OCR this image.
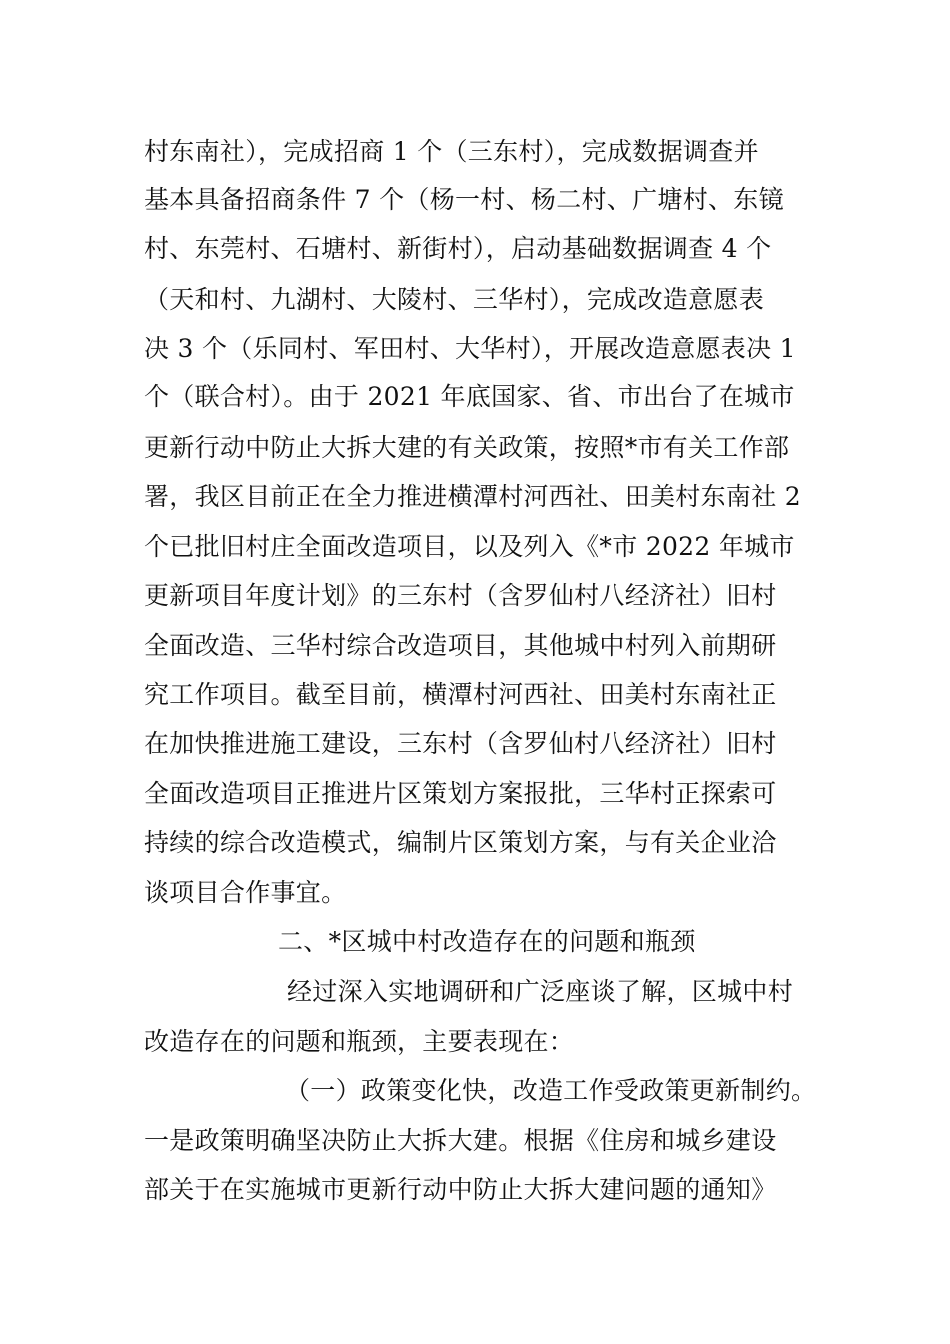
村东南社），完成招商 1 个（三东村），完成数据调查并
基本具备招商条件 7 个（杨一村、杨二村、广塘村、东镜
村、东莞村、石塘村、新街村），启动基础数据调查 4 个
（天和村、九湖村、大陵村、三华村），完成改造意愿表
决 3 个（乐同村、军田村、大华村），开展改造意愿表决 1
个（联合村）。由于 2021 年底国家、省、市出台了在城市
更新行动中防止大拆大建的有关政策，按照*市有关工作部
署，我区目前正在全力推进横潭村河西社、田美村东南社 2
个已批旧村庄全面改造项目，以及列入《*市 2022 年城市
更新项目年度计划》的三东村（含罗仙村八经济社）旧村
全面改造、三华村综合改造项目，其他城中村列入前期研
究工作项目。截至目前，横潭村河西社、田美村东南社正
在加快推进施工建设，三东村（含罗仙村八经济社）旧村
全面改造项目正推进片区策划方案报批，三华村正探索可
持续的综合改造模式，编制片区策划方案，与有关企业洽
谈项目合作事宜。
二、*区城中村改造存在的问题和瓶颈
经过深入实地调研和广泛座谈了解，区城中村
改造存在的问题和瓶颈，主要表现在：
（一）政策变化快，改造工作受政策更新制约。
一是政策明确坚决防止大拆大建。根据《住房和城乡建设
部关于在实施城市更新行动中防止大拆大建问题的通知》
